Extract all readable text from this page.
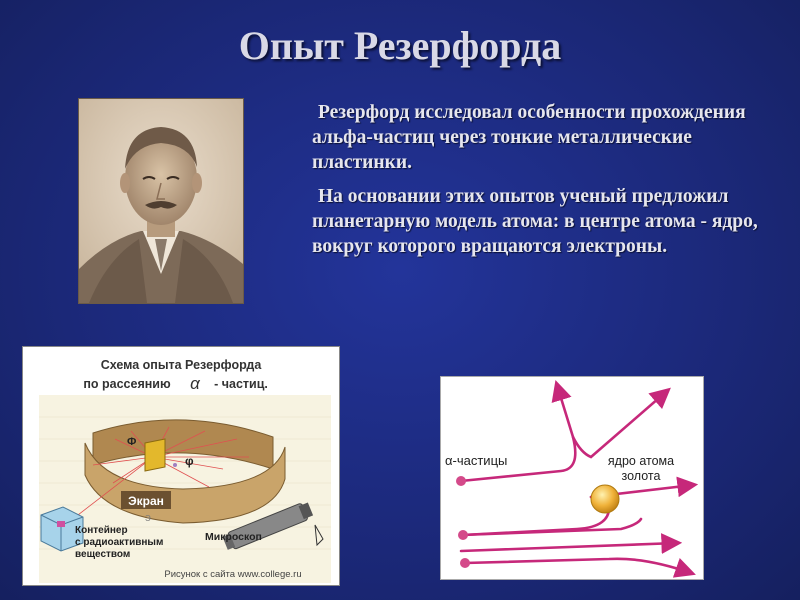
Опыт Резерфорда

Резерфорд исследовал особенности прохождения альфа-частиц через тонкие металлические пластинки.

На основании этих опытов ученый предложил планетарную модель атома: в центре атома - ядро, вокруг которого вращаются электроны.

Схема опыта Резерфорда
по рассеянию α - частиц.
Ф
φ
Экран
Микроскоп
Контейнер
с радиоактивным
веществом
Э
Рисунок с сайта www.college.ru
α-частицы	ядро атома
золота
